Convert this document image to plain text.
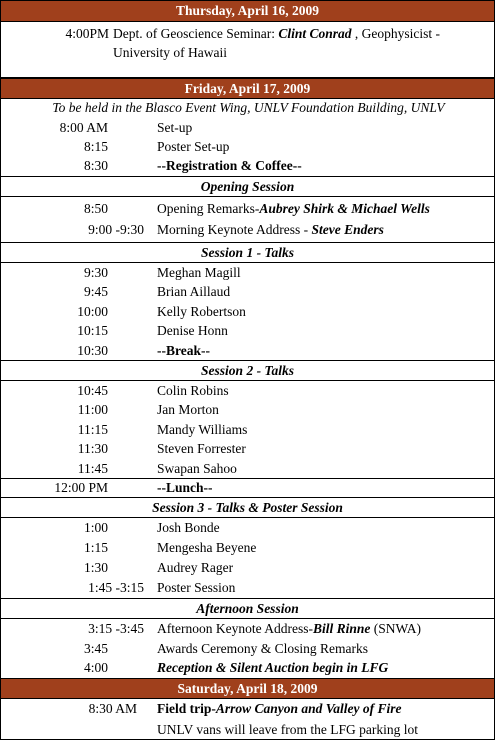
Thursday, April 16, 2009
4:00PM Dept. of Geoscience Seminar: Clint Conrad , Geophysicist -
University of Hawaii
Friday, April 17, 2009
To be held in the Blasco Event Wing, UNLV Foundation Building, UNLV
8:00 AM	Set-up
8:15	Poster Set-up
8:30	--Registration & Coffee--
Opening Session
8:50	Opening Remarks-Aubrey Shirk & Michael Wells
9:00 -9:30 Morning Keynote Address - Steve Enders
Session 1 - Talks
9:30	Meghan Magill
9:45	Brian Aillaud
10:00	Kelly Robertson
10:15	Denise Honn
10:30	--Break--
Session 2 - Talks
10:45	Colin Robins
11:00	Jan Morton
11:15	Mandy Williams
11:30	Steven Forrester
11:45	Swapan Sahoo
12:00 PM	--Lunch--
Session 3 - Talks & Poster Session
1:00	Josh Bonde
1:15	Mengesha Beyene
1:30	Audrey Rager
1:45 -3:15 Poster Session
Afternoon Session
3:15 -3:45 Afternoon Keynote Address-Bill Rinne (SNWA)
3:45	Awards Ceremony & Closing Remarks
4:00	Reception & Silent Auction begin in LFG
Saturday, April 18, 2009
8:30 AM Field trip-Arrow Canyon and Valley of Fire
UNLV vans will leave from the LFG parking lot
